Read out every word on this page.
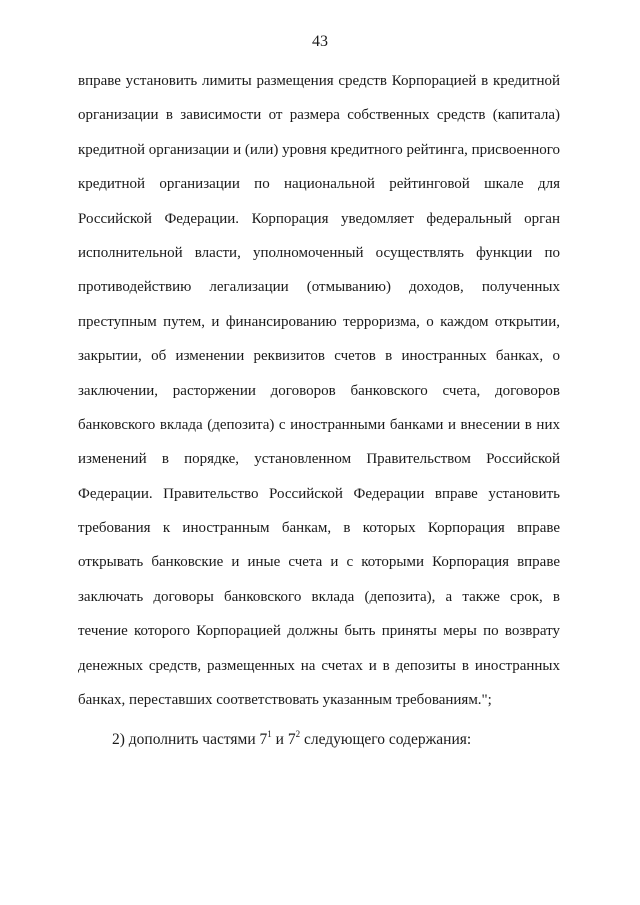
43
вправе установить лимиты размещения средств Корпорацией в кредитной
организации в зависимости от размера собственных средств (капитала)
кредитной организации и (или) уровня кредитного рейтинга, присвоенного
кредитной организации по национальной рейтинговой шкале для
Российской Федерации. Корпорация уведомляет федеральный орган
исполнительной власти, уполномоченный осуществлять функции по
противодействию легализации (отмыванию) доходов, полученных
преступным путем, и финансированию терроризма, о каждом открытии,
закрытии, об изменении реквизитов счетов в иностранных банках, о
заключении, расторжении договоров банковского счета, договоров
банковского вклада (депозита) с иностранными банками и внесении в них
изменений в порядке, установленном Правительством Российской
Федерации. Правительство Российской Федерации вправе установить
требования к иностранным банкам, в которых Корпорация вправе
открывать банковские и иные счета и с которыми Корпорация вправе
заключать договоры банковского вклада (депозита), а также срок, в
течение которого Корпорацией должны быть приняты меры по возврату
денежных средств, размещенных на счетах и в депозиты в иностранных
банках, переставших соответствовать указанным требованиям.";
2) дополнить частями $7^1$ и $7^2$ следующего содержания:
